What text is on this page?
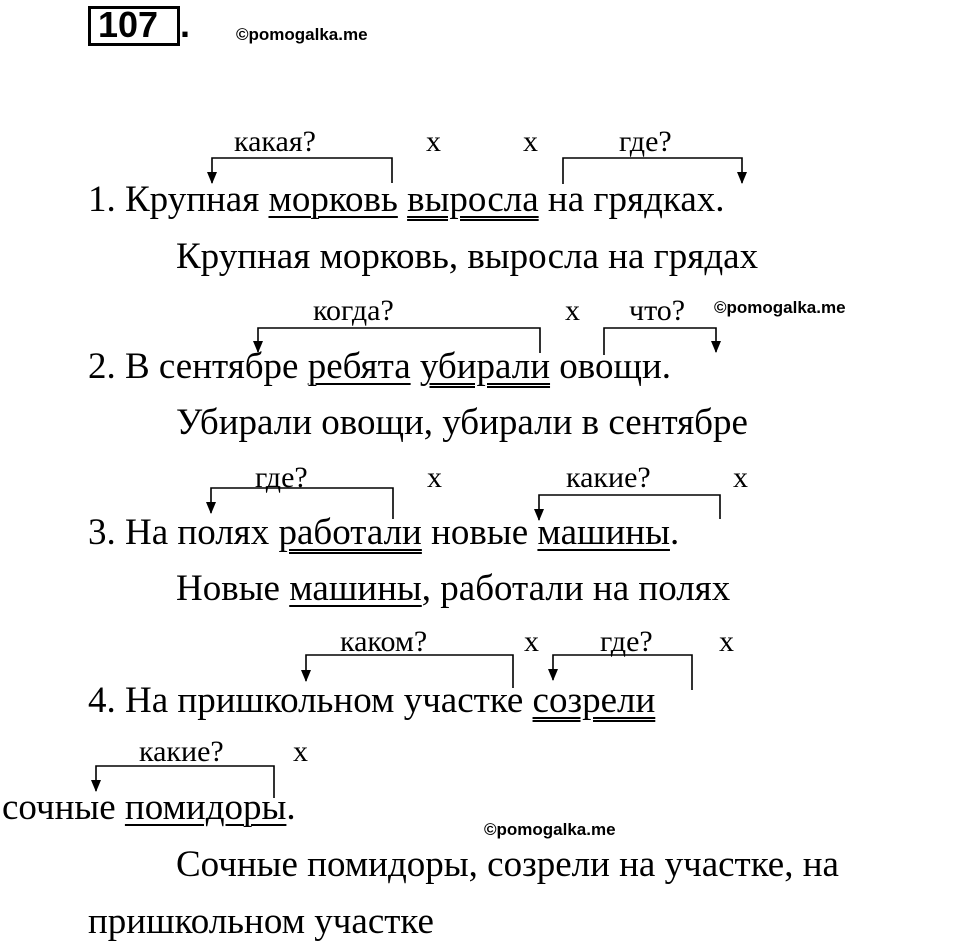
107 .	©pomogalka.me
какая?	x	x	где?
1. Крупная морковь выросла на грядках.
Крупная морковь, выросла на грядах
когда?	x что? ©pomogalka.me
2. В сентябре ребята убирали овощи.
Убирали овощи, убирали в сентябре
где?	x	какие?	x
3. На полях работали новые машины.
Новые машины, работали на полях
каком?	x где? x
4. На пришкольном участке созрели
какие? x
сочные помидоры.
©pomogalka.me
Сочные помидоры, созрели на участке, на
пришкольном участке
